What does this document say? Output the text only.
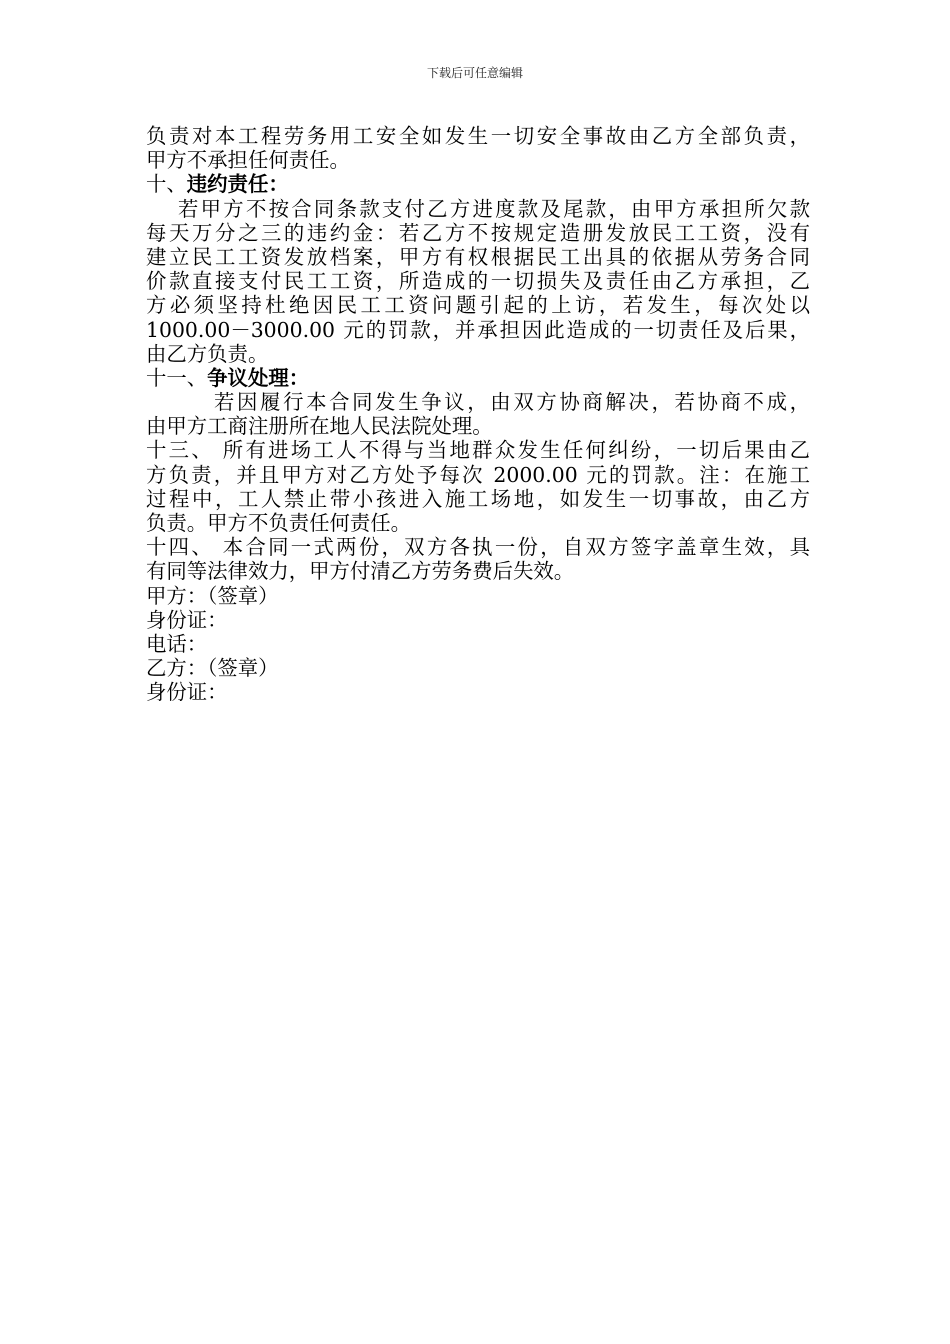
下载后可任意编辑
负责对本工程劳务用工安全如发生一切安全事故由乙方全部负责，
甲方不承担任何责任。
十、违约责任：
若甲方不按合同条款支付乙方进度款及尾款，由甲方承担所欠款
每天万分之三的违约金：若乙方不按规定造册发放民工工资，没有
建立民工工资发放档案，甲方有权根据民工出具的依据从劳务合同
价款直接支付民工工资，所造成的一切损失及责任由乙方承担，乙
方必须坚持杜绝因民工工资问题引起的上访，若发生，每次处以
1000.00－3000.00 元的罚款，并承担因此造成的一切责任及后果，
由乙方负责。
十一、争议处理：
若因履行本合同发生争议，由双方协商解决，若协商不成，
由甲方工商注册所在地人民法院处理。
十三、 所有进场工人不得与当地群众发生任何纠纷，一切后果由乙
方负责，并且甲方对乙方处予每次 2000.00 元的罚款。注：在施工
过程中，工人禁止带小孩进入施工场地，如发生一切事故，由乙方
负责。甲方不负责任何责任。
十四、 本合同一式两份，双方各执一份，自双方签字盖章生效，具
有同等法律效力，甲方付清乙方劳务费后失效。
甲方：（签章）
身份证：
电话：
乙方：（签章）
身份证：
